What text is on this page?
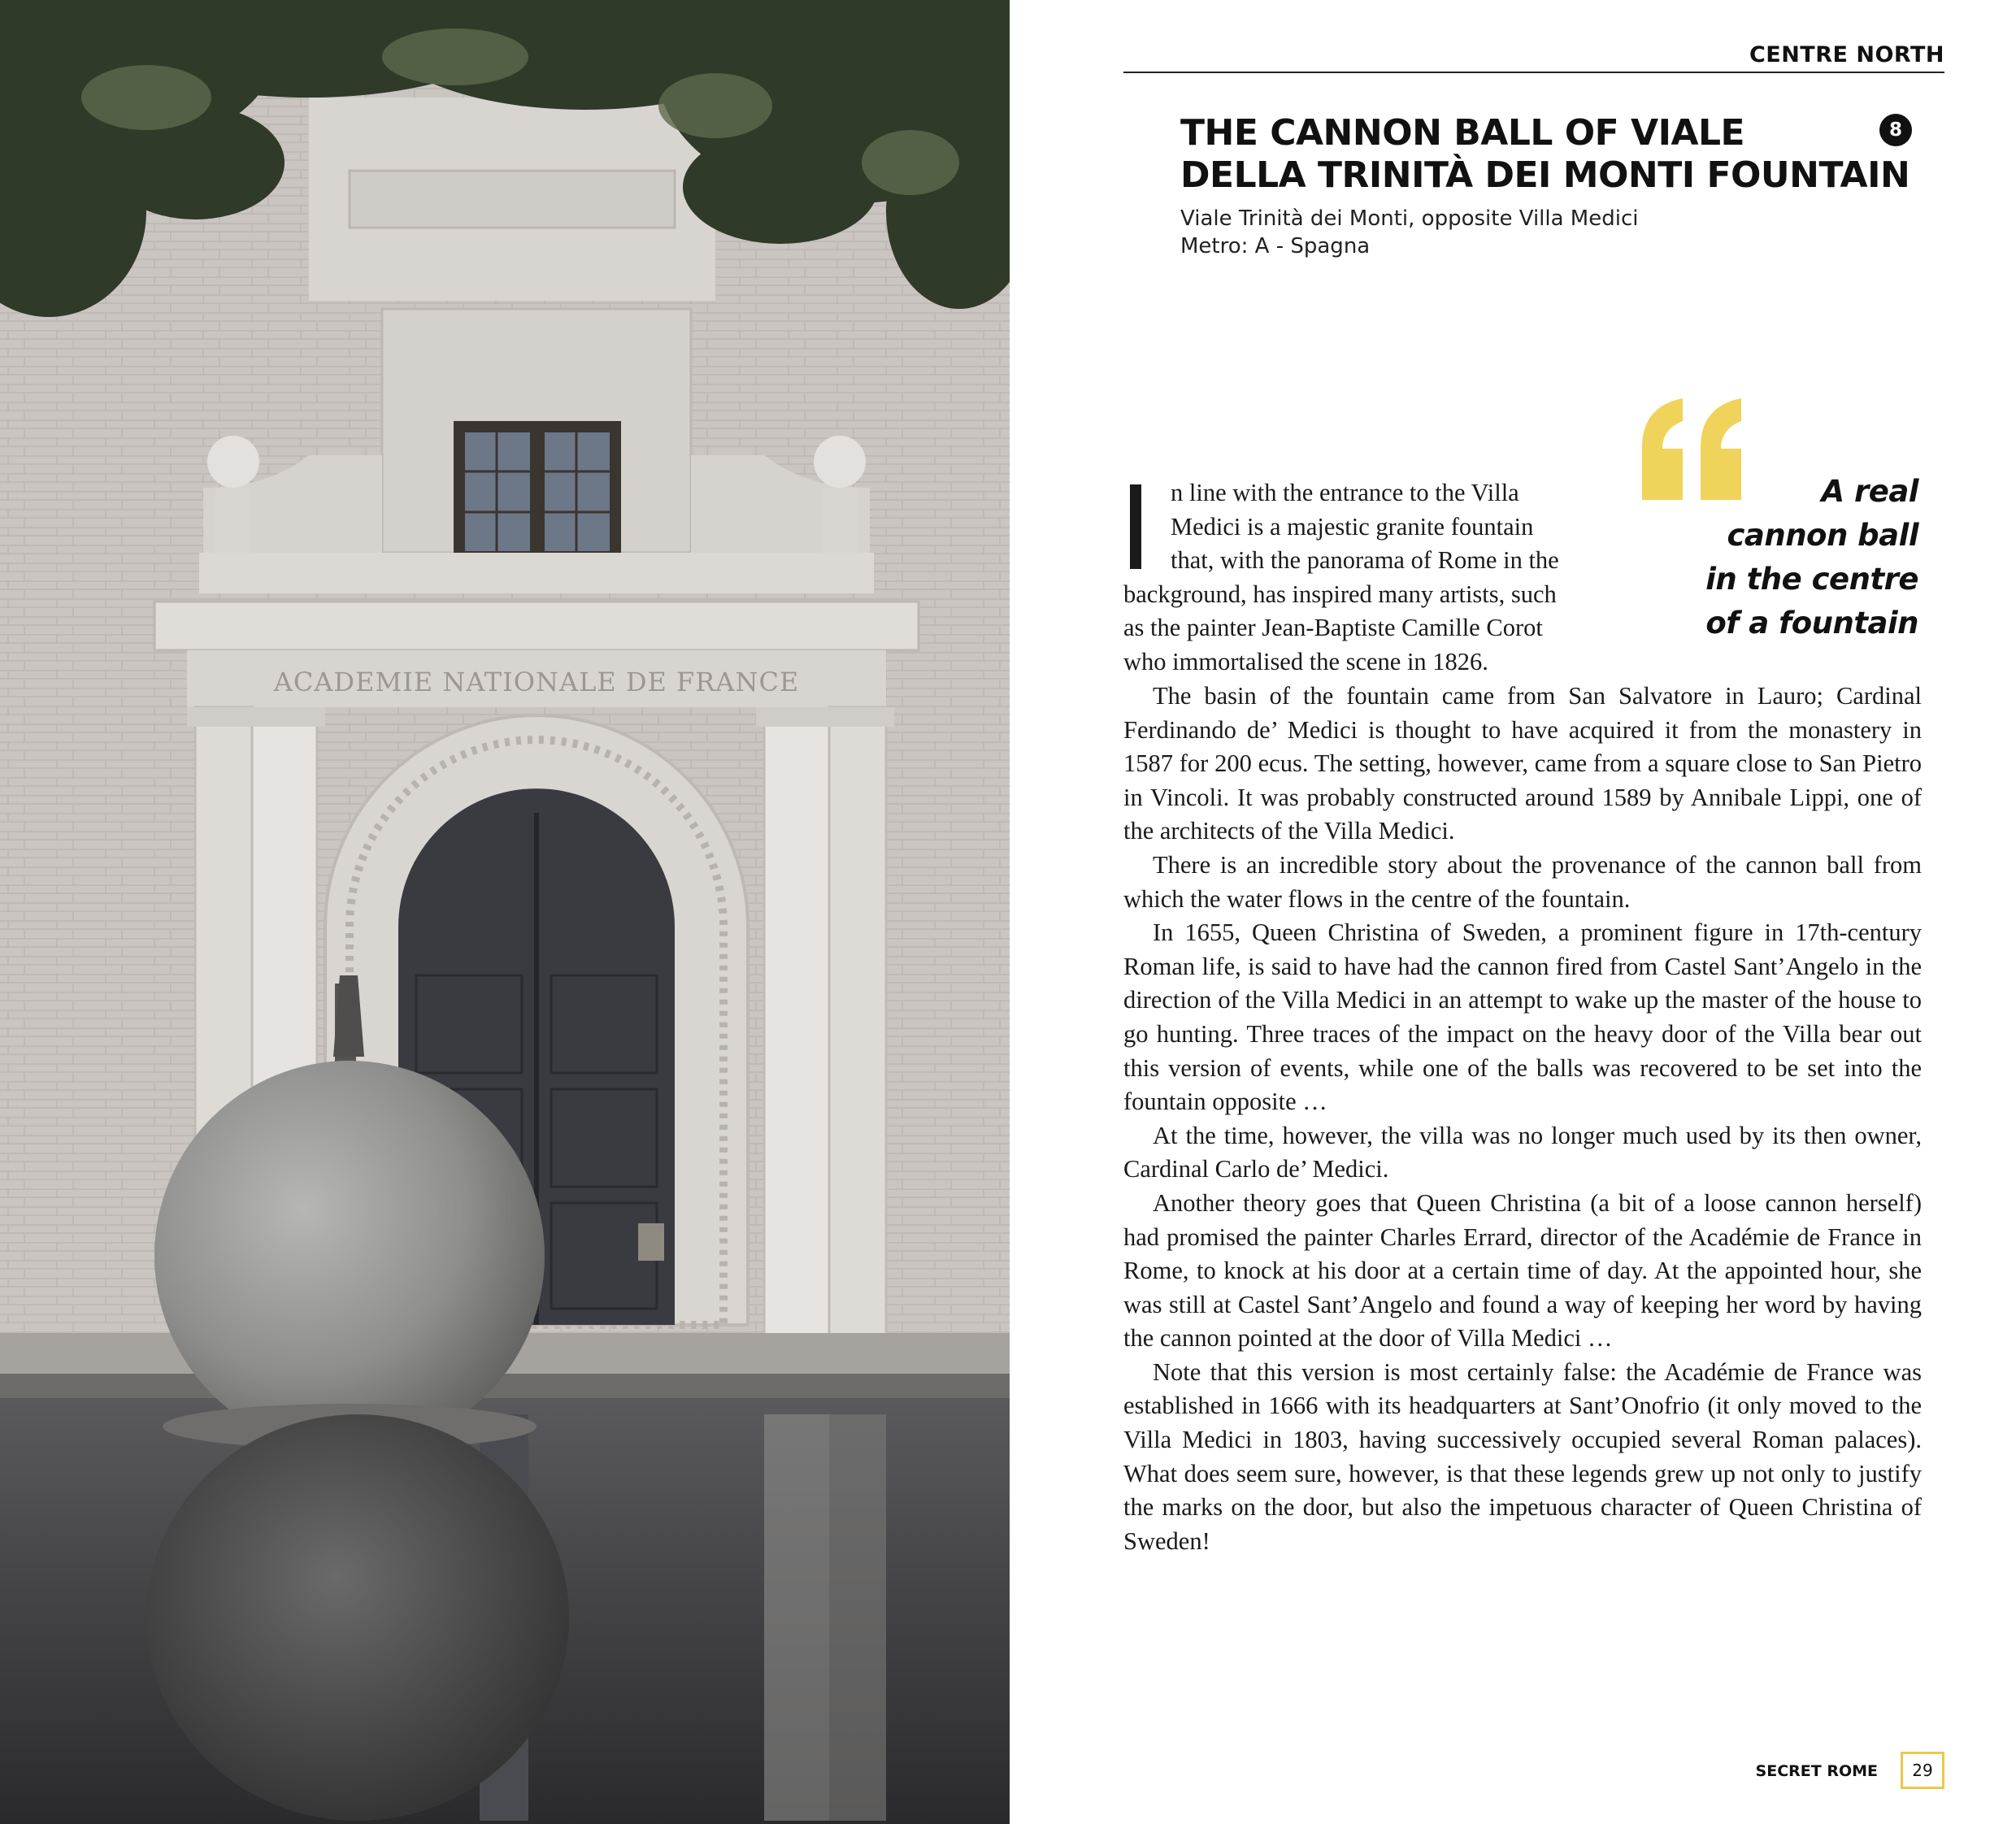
ACADEMIE NATIONALE DE FRANCE
CENTRE NORTH
THE CANNON BALL OF VIALE
DELLA TRINITÀ DEI MONTI FOUNTAIN
8
Viale Trinità dei Monti, opposite Villa Medici
Metro: A - Spagna
A real
cannon ball
in the centre
of a fountain
n line with the entrance to the Villa
Medici is a majestic granite fountain
that, with the panorama of Rome in the
background, has inspired many artists, such
as the painter Jean-Baptiste Camille Corot
who immortalised the scene in 1826.

The basin of the fountain came from San Salvatore in Lauro; Cardinal Ferdinando de’ Medici is thought to have acquired it from the monastery in 1587 for 200 ecus. The setting, however, came from a square close to San Pietro in Vincoli. It was probably constructed around 1589 by Annibale Lippi, one of the architects of the Villa Medici.

There is an incredible story about the provenance of the cannon ball from which the water flows in the centre of the fountain.

In 1655, Queen Christina of Sweden, a prominent figure in 17th-century Roman life, is said to have had the cannon fired from Castel Sant’Angelo in the direction of the Villa Medici in an attempt to wake up the master of the house to go hunting. Three traces of the impact on the heavy door of the Villa bear out this version of events, while one of the balls was recovered to be set into the fountain opposite …

At the time, however, the villa was no longer much used by its then owner, Cardinal Carlo de’ Medici.

Another theory goes that Queen Christina (a bit of a loose cannon herself) had promised the painter Charles Errard, director of the Académie de France in Rome, to knock at his door at a certain time of day. At the appointed hour, she was still at Castel Sant’Angelo and found a way of keeping her word by having the cannon pointed at the door of Villa Medici …

Note that this version is most certainly false: the Académie de France was established in 1666 with its headquarters at Sant’Onofrio (it only moved to the Villa Medici in 1803, having successively occupied several Roman palaces). What does seem sure, however, is that these legends grew up not only to justify the marks on the door, but also the impetuous character of Queen Christina of Sweden!

SECRET ROME	29
